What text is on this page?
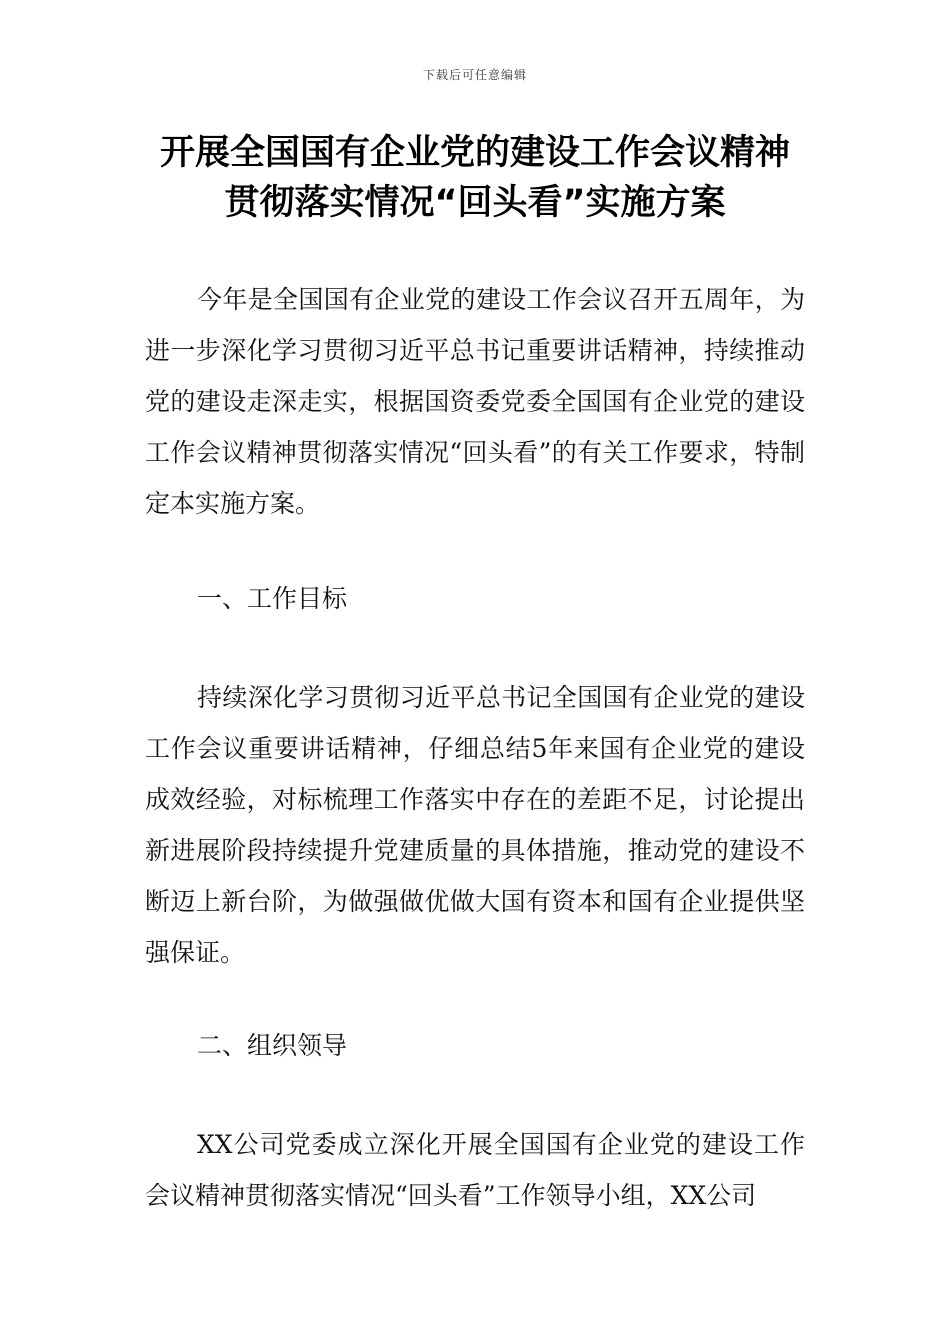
下载后可任意编辑
开展全国国有企业党的建设工作会议精神
贯彻落实情况“回头看”实施方案

今年是全国国有企业党的建设工作会议召开五周年，为进一步深化学习贯彻习近平总书记重要讲话精神，持续推动党的建设走深走实，根据国资委党委全国国有企业党的建设工作会议精神贯彻落实情况“回头看”的有关工作要求，特制定本实施方案。

一、工作目标

持续深化学习贯彻习近平总书记全国国有企业党的建设工作会议重要讲话精神，仔细总结5年来国有企业党的建设成效经验，对标梳理工作落实中存在的差距不足，讨论提出新进展阶段持续提升党建质量的具体措施，推动党的建设不断迈上新台阶，为做强做优做大国有资本和国有企业提供坚强保证。

二、组织领导

XX公司党委成立深化开展全国国有企业党的建设工作会议精神贯彻落实情况“回头看”工作领导小组，XX公司
